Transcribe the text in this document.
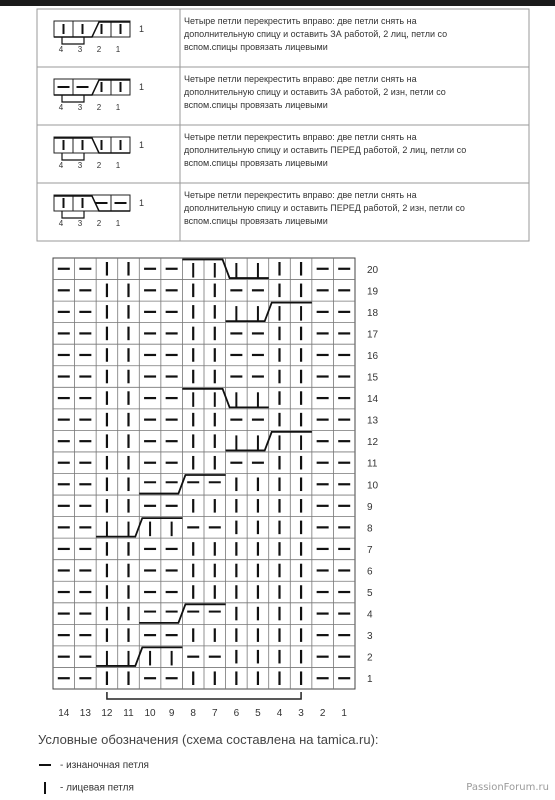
1
4 3 2 1
Четыре петли перекрестить вправо: две петли снять на
дополнительную спицу и оставить ЗА работой, 2 лиц, петли со
вспом.спицы провязать лицевыми
1
4 3 2 1
Четыре петли перекрестить вправо: две петли снять на
дополнительную спицу и оставить ЗА работой, 2 изн, петли со
вспом.спицы провязать лицевыми
1
4 3 2 1
Четыре петли перекрестить вправо: две петли снять на
дополнительную спицу и оставить ПЕРЕД работой, 2 лиц, петли со
вспом.спицы провязать лицевыми
1
4 3 2 1
Четыре петли перекрестить вправо: две петли снять на
дополнительную спицу и оставить ПЕРЕД работой, 2 изн, петли со
вспом.спицы провязать лицевыми
20
19
18
17
16
15
14
13
12
11
10
9
8
7
6
5
4
3
2
1
14 13 12 11 10 9 8 7 6 5 4 3 2 1
Условные обозначения (схема составлена на tamica.ru):
- изнаночная петля
- лицевая петля	PassionForum.ru
